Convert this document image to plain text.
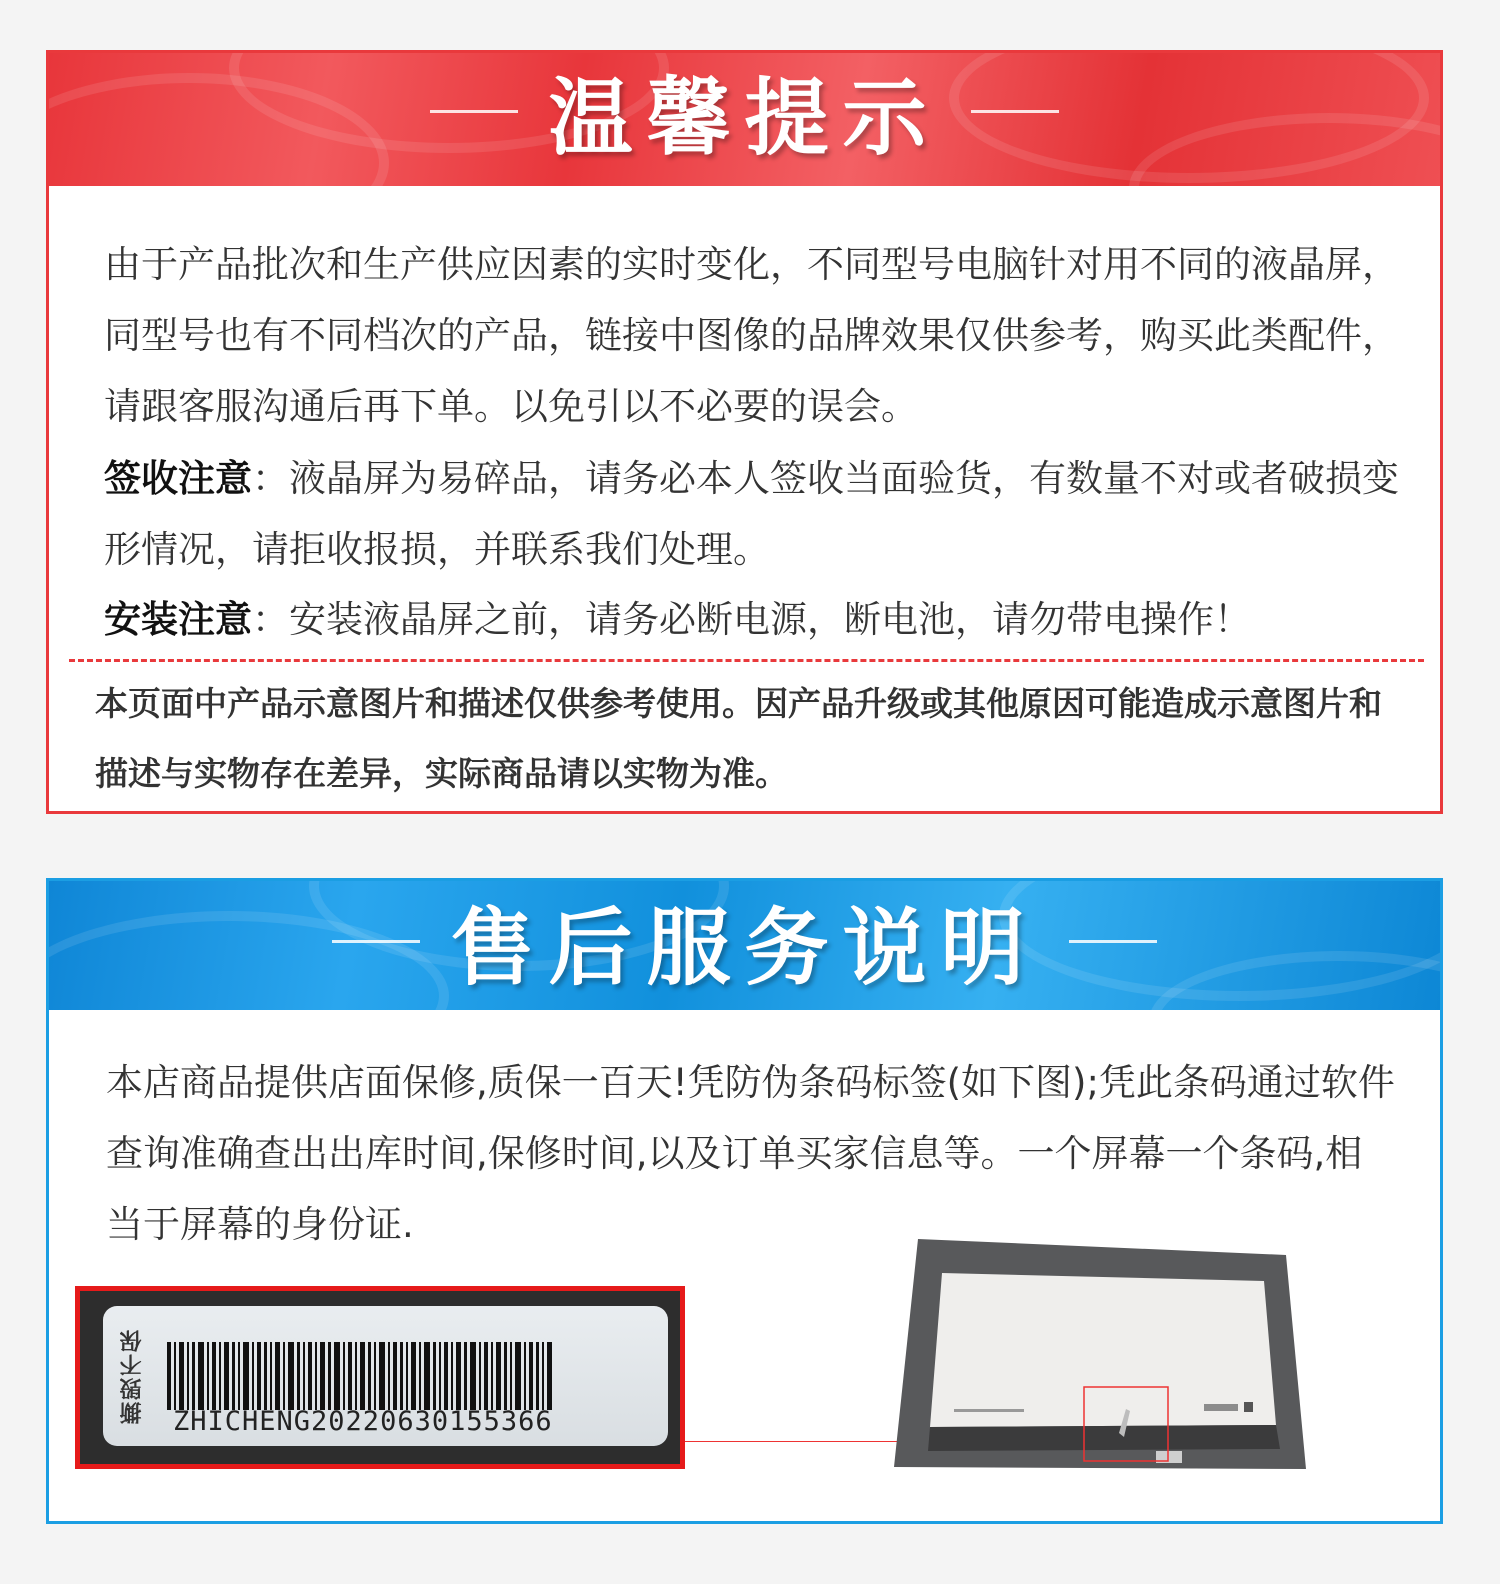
温馨提示

由于产品批次和生产供应因素的实时变化，不同型号电脑针对用不同的液晶屏，同型号也有不同档次的产品，链接中图像的品牌效果仅供参考，购买此类配件，请跟客服沟通后再下单。以免引以不必要的误会。

签收注意：液晶屏为易碎品，请务必本人签收当面验货，有数量不对或者破损变形情况，请拒收报损，并联系我们处理。

安装注意：安装液晶屏之前，请务必断电源，断电池，请勿带电操作！

本页面中产品示意图片和描述仅供参考使用。因产品升级或其他原因可能造成示意图片和描述与实物存在差异，实际商品请以实物为准。

售后服务说明

本店商品提供店面保修,质保一百天!凭防伪条码标签(如下图);凭此条码通过软件查询准确查出出库时间,保修时间,以及订单买家信息等。一个屏幕一个条码,相当于屏幕的身份证.

撕毁不保 ZHICHENG20220630155366
